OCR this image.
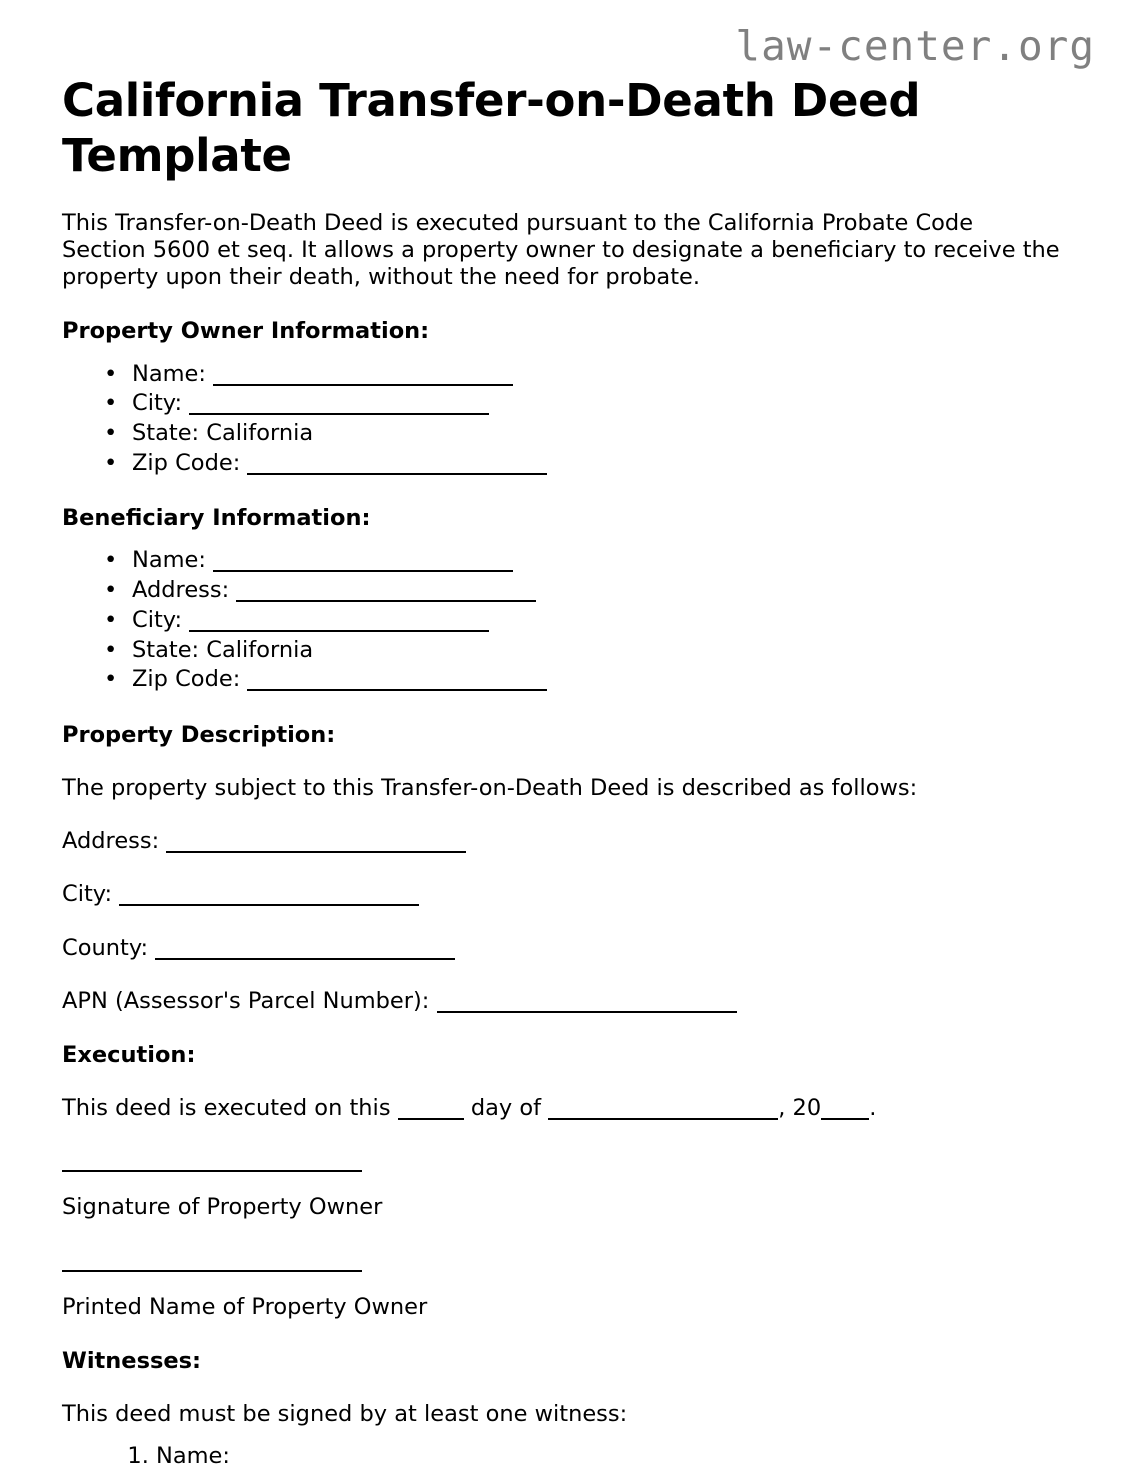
law-center.org
California Transfer-on-Death Deed Template

This Transfer-on-Death Deed is executed pursuant to the California Probate Code Section 5600 et seq. It allows a property owner to designate a beneficiary to receive the property upon their death, without the need for probate.

Property Owner Information:
• Name:
• City:
• State: California
• Zip Code:
Beneficiary Information:
• Name:
• Address:
• City:
• State: California
• Zip Code:
Property Description:

The property subject to this Transfer-on-Death Deed is described as follows:

Address:

City:

County:

APN (Assessor's Parcel Number):

Execution:

This deed is executed on this	day of	, 20 .

Signature of Property Owner

Printed Name of Property Owner

Witnesses:

This deed must be signed by at least one witness:

1. Name:
